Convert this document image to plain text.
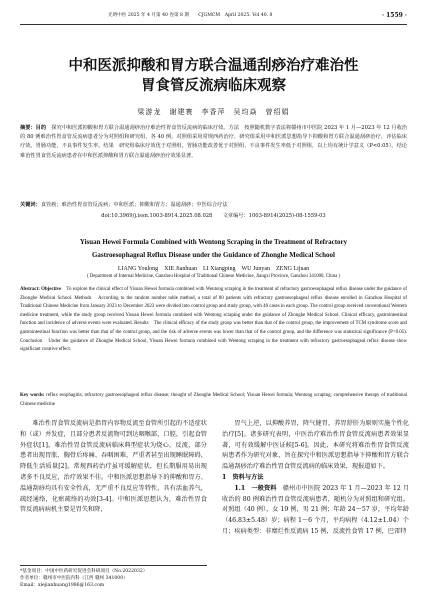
光明中医 2025 年 4 月第 40 卷第 8 期　　CJGMCM　April 2025. Vol 40. 8	· 1559 ·
中和医派抑酸和胃方联合温通刮痧治疗难治性
胃食管反流病临床观察
梁游龙　谢建寰　李香萍　吴均焱　曾绍娟
摘要：目的　探究中和医派抑酸和胃方联合温通刮痧治疗难治性胃食管反流病的临床疗效。方法　按照随机数字表法将赣州市中医院 2023 年 1 月—2023 年 12 月收治的 80 例难治性胃食管反流病患者分为对照组和研究组，各 40 例。对照组采用常规西药治疗，研究组采用中和医派思想指导下抑酸和胃方联合温通刮痧治疗，评估临床疗效，胃肠功能，不良事件发生率。结果　研究组临床疗效优于对照组，胃肠功能改善优于对照组，不良事件发生率低于对照组，以上均有统计学意义（P<0.05）。结论　难治性胃食管反流病患者在中和医派抑酸和胃方联合温通刮痧治疗效果显著。
关键词：食管癌；难治性胃食管反流病；中和医派；抑酸和胃方；温通刮痧；中医综合疗法
doi:10.3969/j.issn.1003-8914.2025.08.028　　文章编号：1003-8914(2025)-08-1559-03
Yisuan Hewei Formula Combined with Wentong Scraping in the Treatment of Refractory
Gastroesophageal Reflux Disease under the Guidance of Zhonghe Medical School
LIANG Youlong　XIE Jianhuan　LI Xiangping　WU Junyan　ZENG Lijuan
( Department of Internal Medicine, Ganzhou Hospital of Traditional Chinese Medicine, Jiangxi Province, Ganzhou 341000, China )
Abstract: Objective　To explore the clinical effect of Yisuan Hewei formula combined with Wentong scraping in the treatment of refractory gastroesophageal reflux disease under the guidance of Zhonghe Medical School. Methods　According to the random number table method, a total of 80 patients with refractory gastroesophageal reflux disease enrolled in Ganzhou Hospital of Traditional Chinese Medicine from January 2023 to December 2023 were divided into control group and study group, with 40 cases in each group. The control group received conventional Western medicine treatment, while the study group received Yisuan Hewei formula combined with Wentong scraping under the guidance of Zhonghe Medical School. Clinical efficacy, gastrointestinal function and incidence of adverse events were evaluated. Results　The clinical efficacy of the study group was better than that of the control group, the improvement of TCM syndrome score and gastrointestinal function was better than that of the control group, and the risk of adverse events was lower than that of the control group, and the difference was statistical significance (P<0.05). Conclusion　Under the guidance of Zhonghe Medical School, Yisuan Hewei formula combined with Wentong scraping in the treatment with refractory gastroesophageal reflux disease show significant curative effect.
Key words: reflux esophagitis; refractory gastroesophageal reflux disease; thought of Zhonghe Medical School; Yisuan Hewei formula; Wentong scraping; comprehensive therapy of traditional Chinese medicine

难治性胃食管反流病是指胃内容物反流至食管所引起的不适症状和（或）并发症，且部分患者反流物可到达咽喉部，口腔，引起食管外症状[1]。难治性胃食管反流病临床典型症状为烧心，反流，部分患者出现胃胀、胸骨后疼痛、吞咽困难，严重者甚至出现睡眠障碍，降低生活质量[2]。常规西药治疗虽可缓解症状，但长期服用易出现诸多不良反应，治疗效果不佳。中和医派思想指导下的抑酸和胃方、温通刮痧均具有安全性高，无严重不良反应等特性，具有活血养气，疏经通络，化瘀疏络的功效[3-4]。中和医派思想认为，难治性胃食管反流病病机主要是胃失和降，

胃气上逆，以抑酸养胃，降气健胃，养胃舒肝为原则实施个性化治疗[5]。诸多研究表明，中医治疗难治性胃食管反流病患者效果显著，可有效缓解中医证候[5-6]。因此，本研究将难治性胃食管反流病患者作为研究对象，旨在探究中和医派思想指导下抑酸和胃方联合温通刮痧治疗难治性胃食管反流病的临床效果，现报道如下。

1　资料与方法

1.1　一般资料　赣州市中医院 2023 年 1 月—2023 年 12 月收治的 80 例难治性胃食管反流病患者，随机分为对照组和研究组。对照组（40 例），女 19 例，男 21 例；年龄 24～57 岁，平均年龄（46.83±5.48）岁；病程 1～6 个月，平均病程（4.12±1.04）个月；疾病类型：非糜烂性反流病 15 例，反流性食管 17 例，巴雷特

*基金项目：中国中医药研究促进会科研项目（No.2022032）
作者单位：赣州市中医院内科（江西 赣州 341000）
Email：xiejianhuang1986@163.com
